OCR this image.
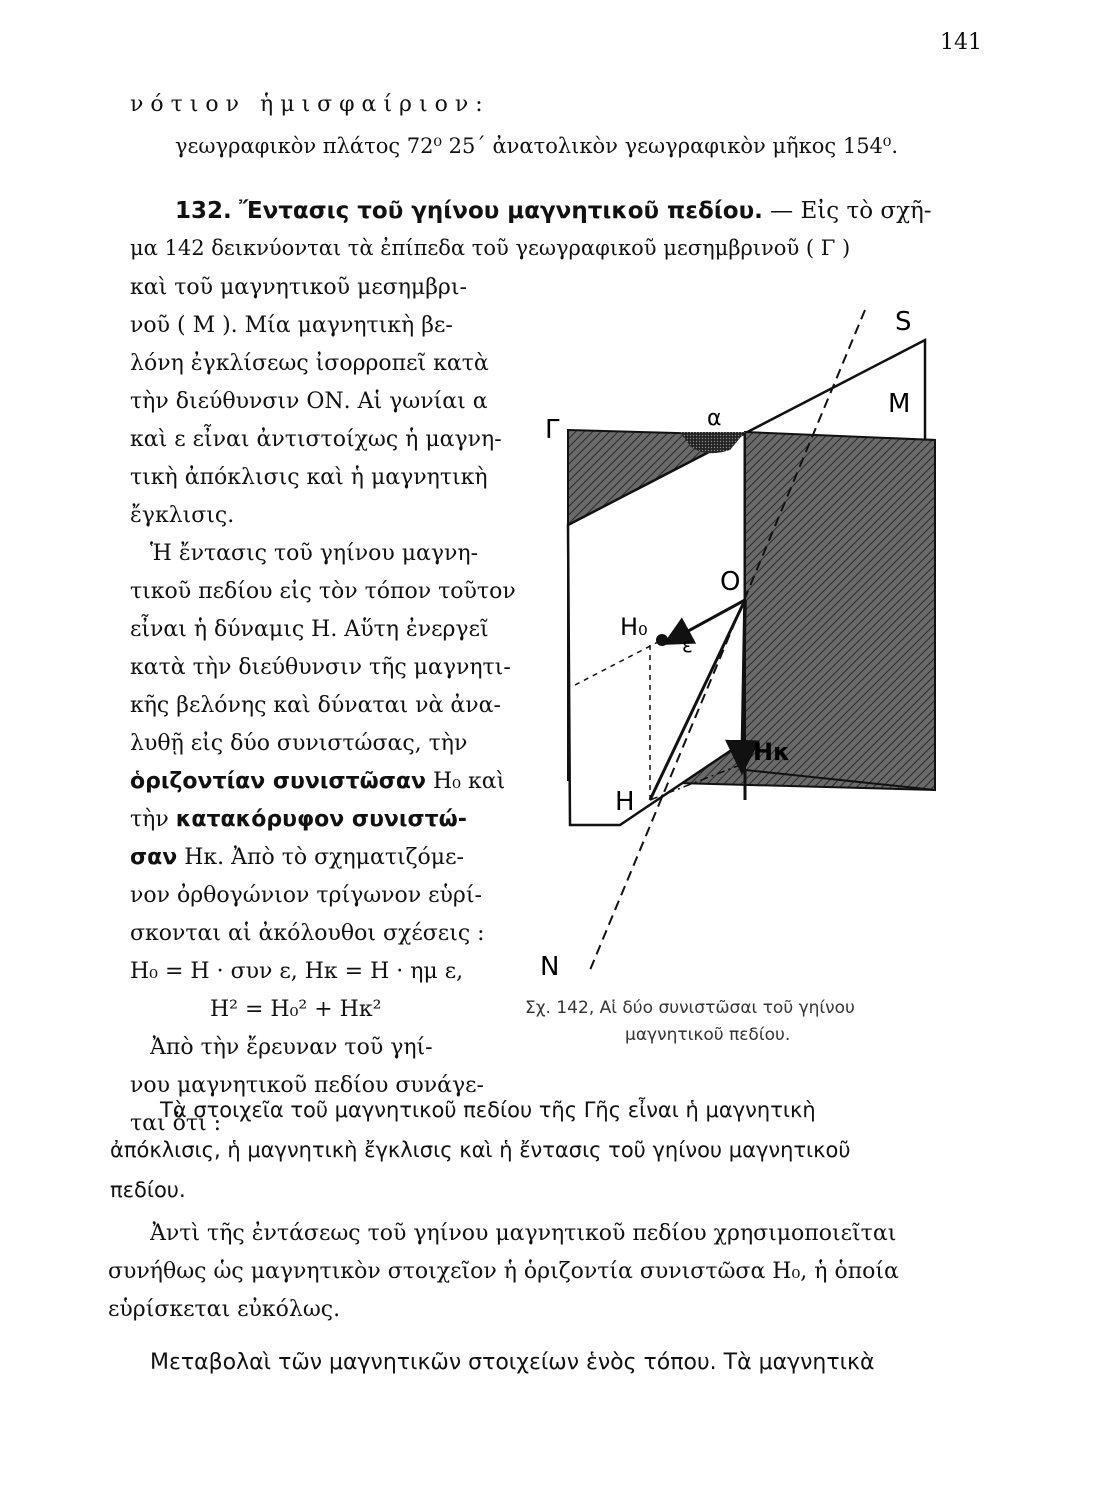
141
νότιον ἡμισφαίριον:
γεωγραφικὸν πλάτος 72⁰ 25΄ ἀνατολικὸν γεωγραφικὸν μῆκος 154⁰.
132. Ἔντασις τοῦ γηίνου μαγνητικοῦ πεδίου. — Εἰς τὸ σχῆ-
μα 142 δεικνύονται τὰ ἐπίπεδα τοῦ γεωγραφικοῦ μεσημβρινοῦ ( Γ )
καὶ τοῦ μαγνητικοῦ μεσημβρι-
νοῦ ( Μ ). Μία μαγνητικὴ βε-
λόνη ἐγκλίσεως ἰσορροπεῖ κατὰ
τὴν διεύθυνσιν ΟΝ. Αἱ γωνίαι α
καὶ ε εἶναι ἀντιστοίχως ἡ μαγνη-
τικὴ ἀπόκλισις καὶ ἡ μαγνητικὴ
ἔγκλισις.
Ἡ ἔντασις τοῦ γηίνου μαγνη-
τικοῦ πεδίου εἰς τὸν τόπον τοῦτον
εἶναι ἡ δύναμις Η. Αὕτη ἐνεργεῖ
κατὰ τὴν διεύθυνσιν τῆς μαγνητι-
κῆς βελόνης καὶ δύναται νὰ ἀνα-
λυθῇ εἰς δύο συνιστώσας, τὴν
ὁριζοντίαν συνιστῶσαν Η₀ καὶ
τὴν κατακόρυφον συνιστώ-
σαν Ηκ. Ἀπὸ τὸ σχηματιζόμε-
νον ὀρθογώνιον τρίγωνον εὑρί-
σκονται αἱ ἀκόλουθοι σχέσεις :
Η₀ = Η · συν ε, Ηκ = Η · ημ ε,
Η² = Η₀² + Ηκ²
Ἀπὸ τὴν ἔρευναν τοῦ γηί-
νου μαγνητικοῦ πεδίου συνάγε-
ται ὅτι :
S
M
Γ	α
O
H₀
ε
Hκ
H
N
Σχ. 142, Αἱ δύο συνιστῶσαι τοῦ γηίνου
μαγνητικοῦ πεδίου.
Τὰ στοιχεῖα τοῦ μαγνητικοῦ πεδίου τῆς Γῆς εἶναι ἡ μαγνητικὴ
ἀπόκλισις, ἡ μαγνητικὴ ἔγκλισις καὶ ἡ ἔντασις τοῦ γηίνου μαγνητικοῦ
πεδίου.
Ἀντὶ τῆς ἐντάσεως τοῦ γηίνου μαγνητικοῦ πεδίου χρησιμοποιεῖται
συνήθως ὡς μαγνητικὸν στοιχεῖον ἡ ὁριζοντία συνιστῶσα Η₀, ἡ ὁποία
εὑρίσκεται εὐκόλως.
Μεταβολαὶ τῶν μαγνητικῶν στοιχείων ἑνὸς τόπου. Τὰ μαγνητικὰ
